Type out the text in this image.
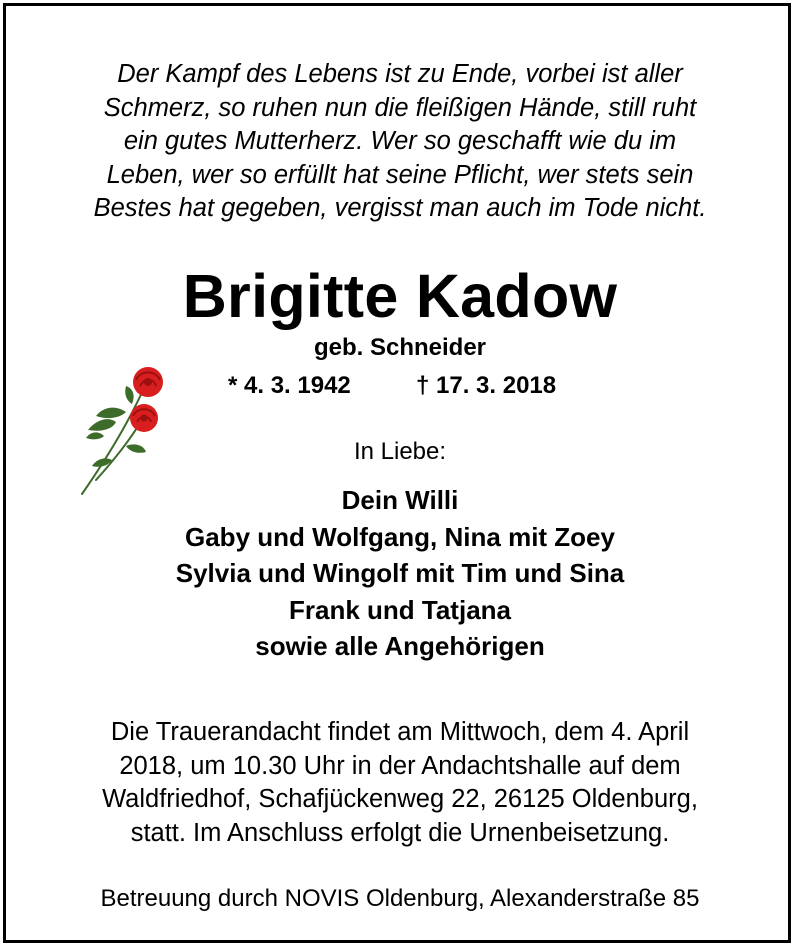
Der Kampf des Lebens ist zu Ende, vorbei ist aller
Schmerz, so ruhen nun die fleißigen Hände, still ruht
ein gutes Mutterherz. Wer so geschafft wie du im
Leben, wer so erfüllt hat seine Pflicht, wer stets sein
Bestes hat gegeben, vergisst man auch im Tode nicht.
Brigitte Kadow
geb. Schneider
* 4. 3. 1942	† 17. 3. 2018
In Liebe:
Dein Willi
Gaby und Wolfgang, Nina mit Zoey
Sylvia und Wingolf mit Tim und Sina
Frank und Tatjana
sowie alle Angehörigen
Die Trauerandacht findet am Mittwoch, dem 4. April
2018, um 10.30 Uhr in der Andachtshalle auf dem
Waldfriedhof, Schafjückenweg 22, 26125 Oldenburg,
statt. Im Anschluss erfolgt die Urnenbeisetzung.
Betreuung durch NOVIS Oldenburg, Alexanderstraße 85
